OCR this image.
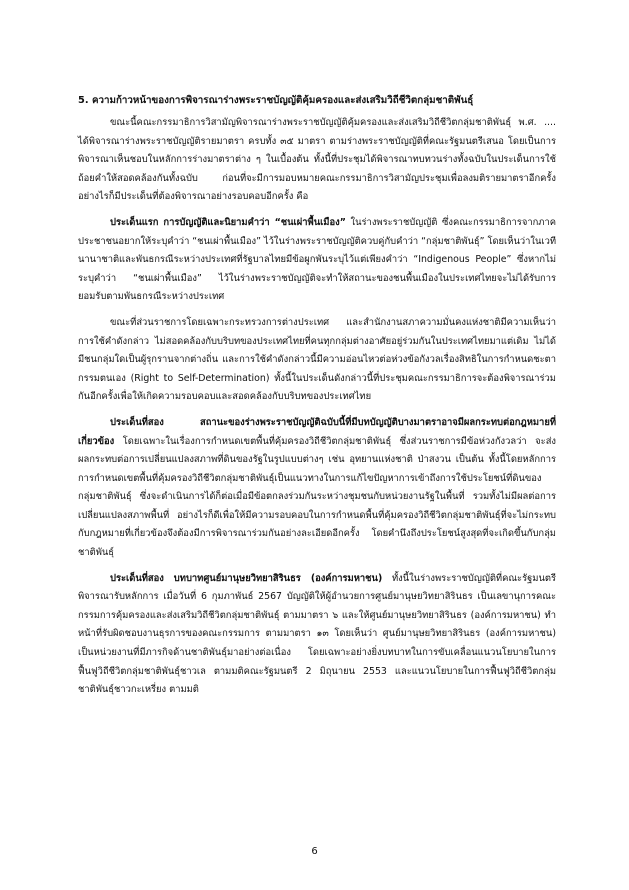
5. ความก้าวหน้าของการพิจารณาร่างพระราชบัญญัติคุ้มครองและส่งเสริมวิถีชีวิตกลุ่มชาติพันธุ์

ขณะนี้คณะกรรมาธิการวิสามัญพิจารณาร่างพระราชบัญญัติคุ้มครองและส่งเสริมวิถีชีวิตกลุ่มชาติพันธุ์ พ.ศ. .... ได้พิจารณาร่างพระราชบัญญัติรายมาตรา ครบทั้ง ๓๕ มาตรา ตามร่างพระราชบัญญัติที่คณะรัฐมนตรีเสนอ โดยเป็นการพิจารณาเห็นชอบในหลักการร่างมาตราต่าง ๆ ในเบื้องต้น ทั้งนี้ที่ประชุมได้พิจารณาทบทวนร่างทั้งฉบับในประเด็นการใช้ถ้อยคำให้สอดคล้องกันทั้งฉบับ ก่อนที่จะมีการมอบหมายคณะกรรมาธิการวิสามัญประชุมเพื่อลงมติรายมาตราอีกครั้ง อย่างไรก็มีประเด็นที่ต้องพิจารณาอย่างรอบคอบอีกครั้ง คือ

ประเด็นแรก การบัญญัติและนิยามคำว่า “ชนเผ่าพื้นเมือง” ในร่างพระราชบัญญัติ ซึ่งคณะกรรมาธิการจากภาคประชาชนอยากให้ระบุคำว่า “ชนเผ่าพื้นเมือง” ไว้ในร่างพระราชบัญญัติควบคู่กับคำว่า “กลุ่มชาติพันธุ์” โดยเห็นว่าในเวทีนานาชาติและพันธกรณีระหว่างประเทศที่รัฐบาลไทยมีข้อผูกพันระบุไว้แต่เพียงคำว่า “Indigenous People” ซึ่งหากไม่ระบุคำว่า “ชนเผ่าพื้นเมือง” ไว้ในร่างพระราชบัญญัติจะทำให้สถานะของชนพื้นเมืองในประเทศไทยจะไม่ได้รับการยอมรับตามพันธกรณีระหว่างประเทศ

ขณะที่ส่วนราชการโดยเฉพาะกระทรวงการต่างประเทศ และสำนักงานสภาความมั่นคงแห่งชาติมีความเห็นว่า การใช้คำดังกล่าว ไม่สอดคล้องกับบริบทของประเทศไทยที่คนทุกกลุ่มต่างอาศัยอยู่ร่วมกันในประเทศไทยมาแต่เดิม ไม่ได้มีชนกลุ่มใดเป็นผู้รุกรานจากต่างถิ่น และการใช้คำดังกล่าวนี้มีความอ่อนไหวต่อห่วงข้อกังวลเรื่องสิทธิในการกำหนดชะตากรรมตนเอง (Right to Self-Determination) ทั้งนี้ในประเด็นดังกล่าวนี้ที่ประชุมคณะกรรมาธิการจะต้องพิจารณาร่วมกันอีกครั้งเพื่อให้เกิดความรอบคอบและสอดคล้องกับบริบทของประเทศไทย

ประเด็นที่สอง สถานะของร่างพระราชบัญญัติฉบับนี้ที่มีบทบัญญัติบางมาตราอาจมีผลกระทบต่อกฎหมายที่เกี่ยวข้อง โดยเฉพาะในเรื่องการกำหนดเขตพื้นที่คุ้มครองวิถีชีวิตกลุ่มชาติพันธุ์ ซึ่งส่วนราชการมีข้อห่วงกังวลว่า จะส่งผลกระทบต่อการเปลี่ยนแปลงสภาพที่ดินของรัฐในรูปแบบต่างๆ เช่น อุทยานแห่งชาติ ป่าสงวน เป็นต้น ทั้งนี้โดยหลักการการกำหนดเขตพื้นที่คุ้มครองวิถีชีวิตกลุ่มชาติพันธุ์เป็นแนวทางในการแก้ไขปัญหาการเข้าถึงการใช้ประโยชน์ที่ดินของกลุ่มชาติพันธุ์ ซึ่งจะดำเนินการได้ก็ต่อเมื่อมีข้อตกลงร่วมกันระหว่างชุมชนกับหน่วยงานรัฐในพื้นที่ รวมทั้งไม่มีผลต่อการเปลี่ยนแปลงสภาพพื้นที่ อย่างไรก็ดีเพื่อให้มีความรอบคอบในการกำหนดพื้นที่คุ้มครองวิถีชีวิตกลุ่มชาติพันธุ์ที่จะไม่กระทบกับกฎหมายที่เกี่ยวข้องจึงต้องมีการพิจารณาร่วมกันอย่างละเอียดอีกครั้ง โดยคำนึงถึงประโยชน์สูงสุดที่จะเกิดขึ้นกับกลุ่มชาติพันธุ์

ประเด็นที่สอง บทบาทศูนย์มานุษยวิทยาสิรินธร (องค์การมหาชน) ทั้งนี้ในร่างพระราชบัญญัติที่คณะรัฐมนตรีพิจารณารับหลักการ เมื่อวันที่ 6 กุมภาพันธ์ 2567 บัญญัติให้ผู้อำนวยการศูนย์มานุษยวิทยาสิรินธร เป็นเลขานุการคณะกรรมการคุ้มครองและส่งเสริมวิถีชีวิตกลุ่มชาติพันธุ์ ตามมาตรา ๖ และให้ศูนย์มานุษยวิทยาสิรินธร (องค์การมหาชน) ทำหน้าที่รับผิดชอบงานธุรการของคณะกรรมการ ตามมาตรา ๑๓ โดยเห็นว่า ศูนย์มานุษยวิทยาสิรินธร (องค์การมหาชน) เป็นหน่วยงานที่มีภารกิจด้านชาติพันธุ์มาอย่างต่อเนื่อง โดยเฉพาะอย่างยิ่งบทบาทในการขับเคลื่อนแนวนโยบายในการฟื้นฟูวิถีชีวิตกลุ่มชาติพันธุ์ชาวเล ตามมติคณะรัฐมนตรี 2 มิถุนายน 2553 และแนวนโยบายในการฟื้นฟูวิถีชีวิตกลุ่มชาติพันธุ์ชาวกะเหรี่ยง ตามมติ

6
